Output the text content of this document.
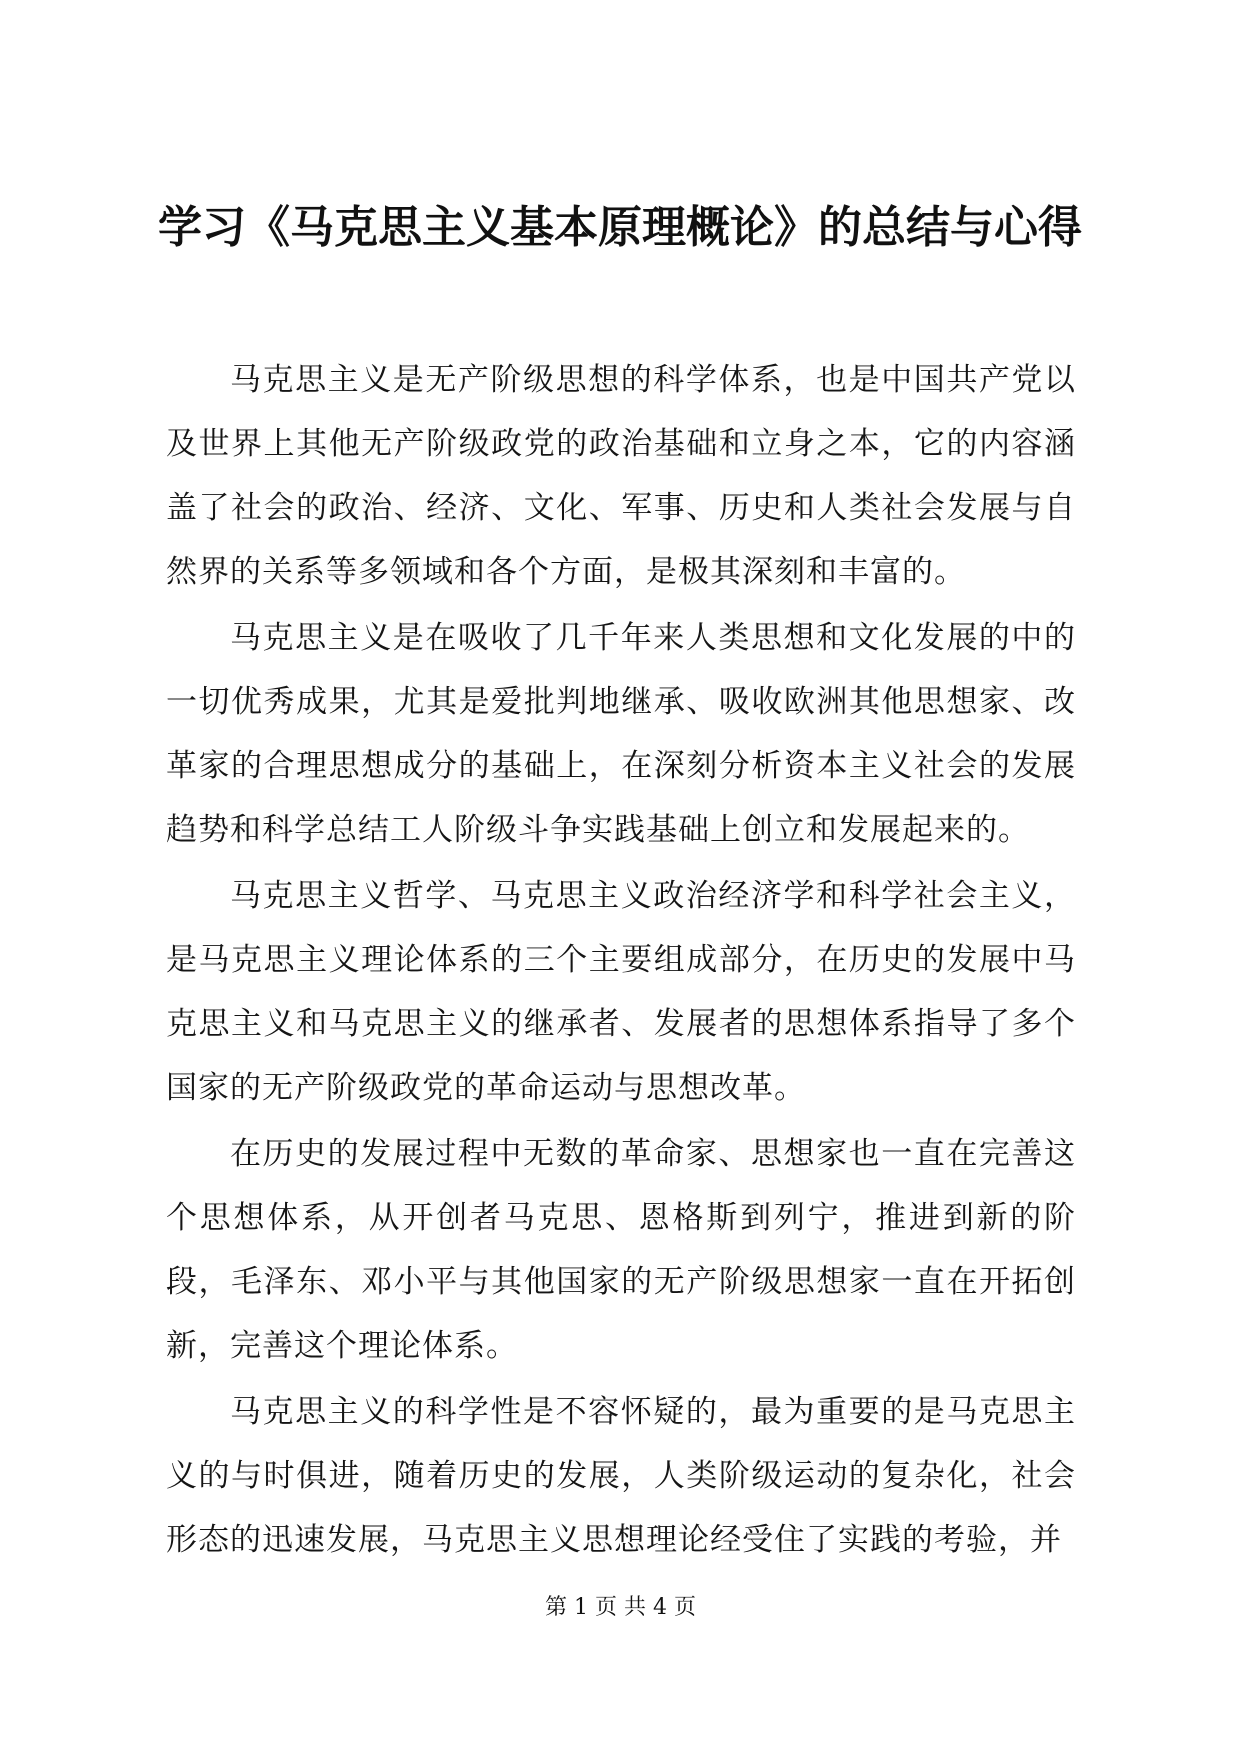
学习《马克思主义基本原理概论》的总结与心得

马克思主义是无产阶级思想的科学体系，也是中国共产党以及世界上其他无产阶级政党的政治基础和立身之本，它的内容涵盖了社会的政治、经济、文化、军事、历史和人类社会发展与自然界的关系等多领域和各个方面，是极其深刻和丰富的。

马克思主义是在吸收了几千年来人类思想和文化发展的中的一切优秀成果，尤其是爱批判地继承、吸收欧洲其他思想家、改革家的合理思想成分的基础上，在深刻分析资本主义社会的发展趋势和科学总结工人阶级斗争实践基础上创立和发展起来的。

马克思主义哲学、马克思主义政治经济学和科学社会主义，是马克思主义理论体系的三个主要组成部分，在历史的发展中马克思主义和马克思主义的继承者、发展者的思想体系指导了多个国家的无产阶级政党的革命运动与思想改革。

在历史的发展过程中无数的革命家、思想家也一直在完善这个思想体系，从开创者马克思、恩格斯到列宁，推进到新的阶段，毛泽东、邓小平与其他国家的无产阶级思想家一直在开拓创新，完善这个理论体系。

马克思主义的科学性是不容怀疑的，最为重要的是马克思主义的与时俱进，随着历史的发展，人类阶级运动的复杂化，社会形态的迅速发展，马克思主义思想理论经受住了实践的考验，并

第 1 页 共 4 页
